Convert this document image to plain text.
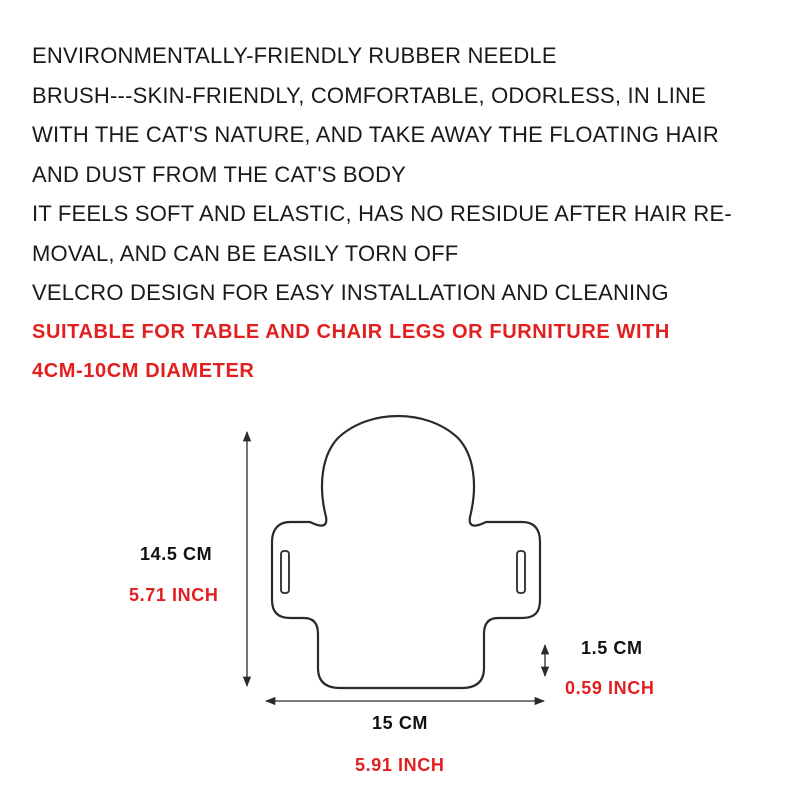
ENVIRONMENTALLY-FRIENDLY RUBBER NEEDLE
BRUSH---SKIN-FRIENDLY, COMFORTABLE, ODORLESS, IN LINE
WITH THE CAT'S NATURE, AND TAKE AWAY THE FLOATING HAIR
AND DUST FROM THE CAT'S BODY
IT FEELS SOFT AND ELASTIC, HAS NO RESIDUE AFTER HAIR RE-
MOVAL, AND CAN BE EASILY TORN OFF
VELCRO DESIGN FOR EASY INSTALLATION AND CLEANING
SUITABLE FOR TABLE AND CHAIR LEGS OR FURNITURE WITH
4CM-10CM DIAMETER
14.5 CM
5.71 INCH
15 CM
5.91 INCH
1.5 CM
0.59 INCH
